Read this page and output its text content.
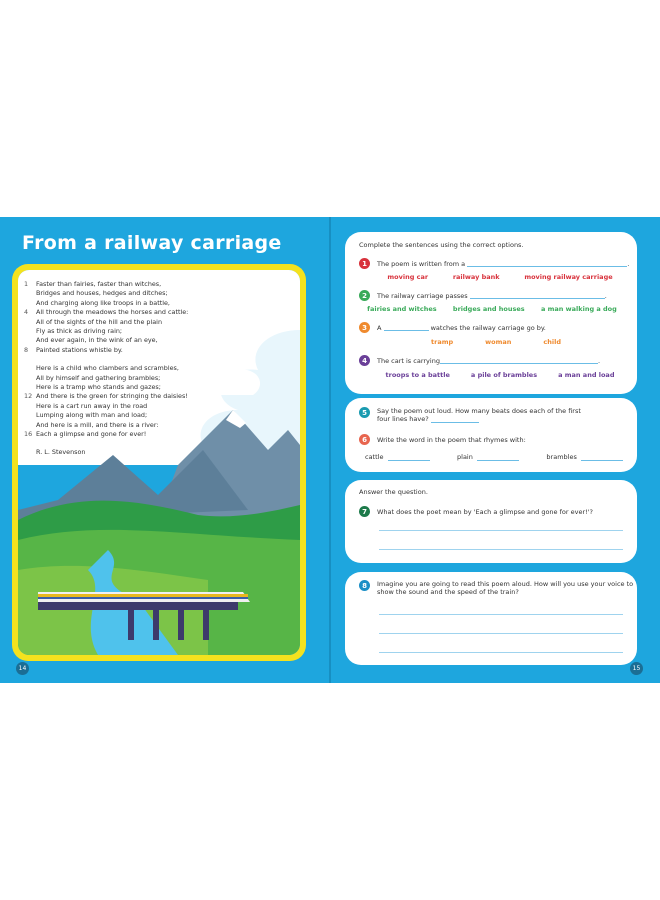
From a railway carriage
1	Faster than fairies, faster than witches,
Bridges and houses, hedges and ditches;
And charging along like troops in a battle,
4	All through the meadows the horses and cattle:
All of the sights of the hill and the plain
Fly as thick as driving rain;
And ever again, in the wink of an eye,
8	Painted stations whistle by.
Here is a child who clambers and scrambles,
All by himself and gathering brambles;
Here is a tramp who stands and gazes;
12 And there is the green for stringing the daisies!
Here is a cart run away in the road
Lumping along with man and load;
And here is a mill, and there is a river:
16 Each a glimpse and gone for ever!
R. L. Stevenson
Complete the sentences using the correct options.
1	The poem is written from a
	.
moving car	railway bank	moving railway carriage
2	The railway carriage passes
	.
fairies and witches	bridges and houses	a man walking a dog
3	A

	watches the railway carriage go by.
tramp	woman	child
4	The cart is carrying	.
troops to a battle	a pile of brambles	a man and load
5	Say the poem out loud. How many beats does each of the first
four lines have?
6	Write the word in the poem that rhymes with:
cattle	plain	brambles
Answer the question.
7	What does the poet mean by 'Each a glimpse and gone for ever!'?
8	Imagine you are going to read this poem aloud. How will you use your voice to
show the sound and the speed of the train?
14	15
